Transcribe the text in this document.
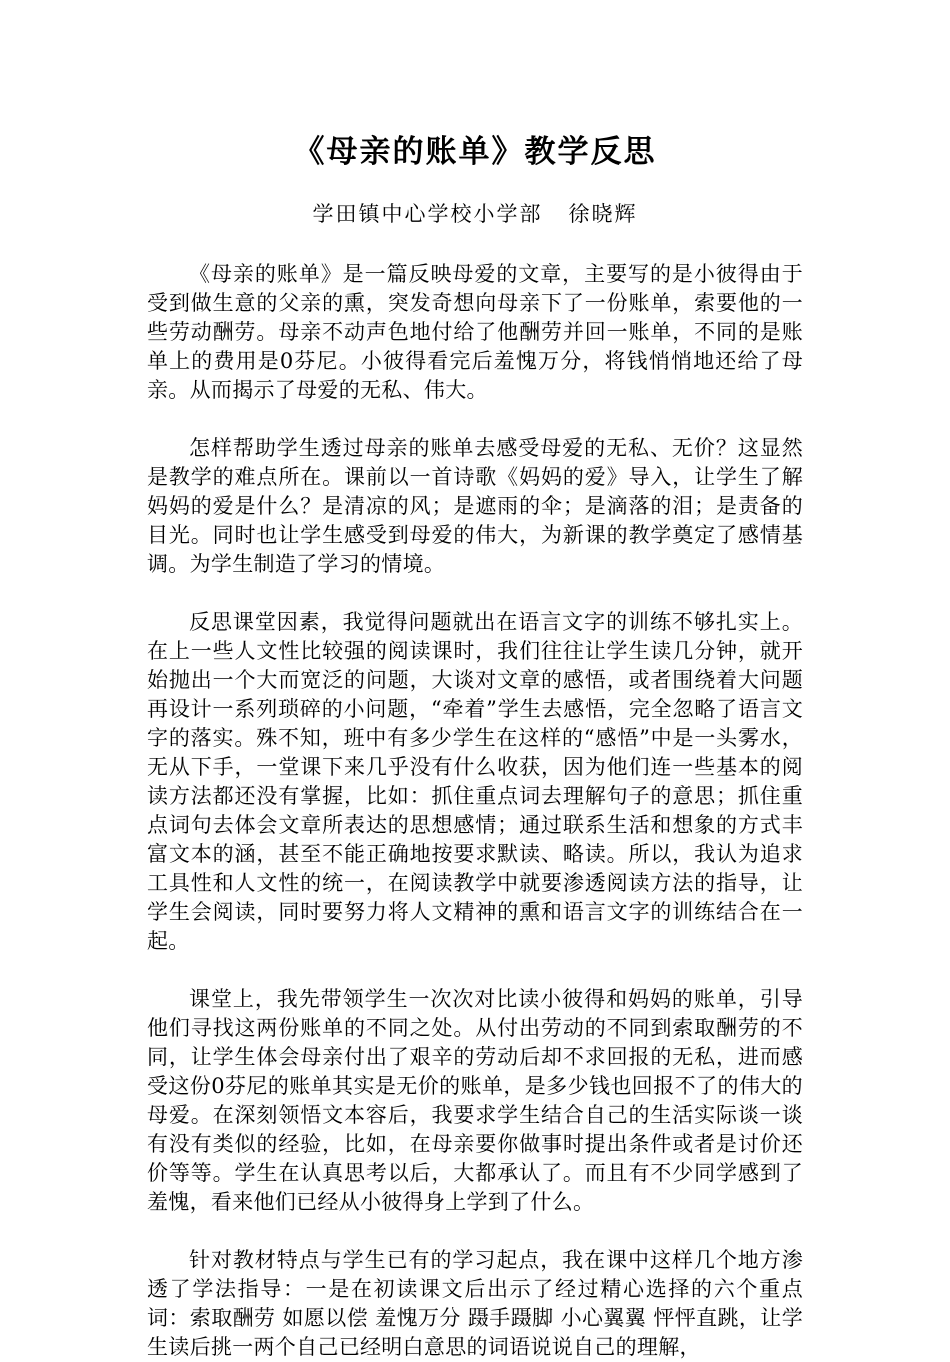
《母亲的账单》教学反思
学田镇中心学校小学部   徐晓辉

《母亲的账单》是一篇反映母爱的文章，主要写的是小彼得由于受到做生意的父亲的熏，突发奇想向母亲下了一份账单，索要他的一些劳动酬劳。母亲不动声色地付给了他酬劳并回一账单，不同的是账单上的费用是0芬尼。小彼得看完后羞愧万分，将钱悄悄地还给了母亲。从而揭示了母爱的无私、伟大。

怎样帮助学生透过母亲的账单去感受母爱的无私、无价？这显然是教学的难点所在。课前以一首诗歌《妈妈的爱》导入，让学生了解妈妈的爱是什么？是清凉的风；是遮雨的伞；是滴落的泪；是责备的目光。同时也让学生感受到母爱的伟大，为新课的教学奠定了感情基调。为学生制造了学习的情境。

反思课堂因素，我觉得问题就出在语言文字的训练不够扎实上。在上一些人文性比较强的阅读课时，我们往往让学生读几分钟，就开始抛出一个大而宽泛的问题，大谈对文章的感悟，或者围绕着大问题再设计一系列琐碎的小问题，“牵着”学生去感悟，完全忽略了语言文字的落实。殊不知，班中有多少学生在这样的“感悟”中是一头雾水，无从下手，一堂课下来几乎没有什么收获，因为他们连一些基本的阅读方法都还没有掌握，比如：抓住重点词去理解句子的意思；抓住重点词句去体会文章所表达的思想感情；通过联系生活和想象的方式丰富文本的涵，甚至不能正确地按要求默读、略读。所以，我认为追求工具性和人文性的统一，在阅读教学中就要渗透阅读方法的指导，让学生会阅读，同时要努力将人文精神的熏和语言文字的训练结合在一起。

课堂上，我先带领学生一次次对比读小彼得和妈妈的账单，引导他们寻找这两份账单的不同之处。从付出劳动的不同到索取酬劳的不同，让学生体会母亲付出了艰辛的劳动后却不求回报的无私，进而感受这份0芬尼的账单其实是无价的账单，是多少钱也回报不了的伟大的母爱。在深刻领悟文本容后，我要求学生结合自己的生活实际谈一谈有没有类似的经验，比如，在母亲要你做事时提出条件或者是讨价还价等等。学生在认真思考以后，大都承认了。而且有不少同学感到了羞愧，看来他们已经从小彼得身上学到了什么。

针对教材特点与学生已有的学习起点，我在课中这样几个地方渗透了学法指导：一是在初读课文后出示了经过精心选择的六个重点词：索取酬劳 如愿以偿 羞愧万分 蹑手蹑脚 小心翼翼 怦怦直跳，让学生读后挑一两个自己已经明白意思的词语说说自己的理解，
